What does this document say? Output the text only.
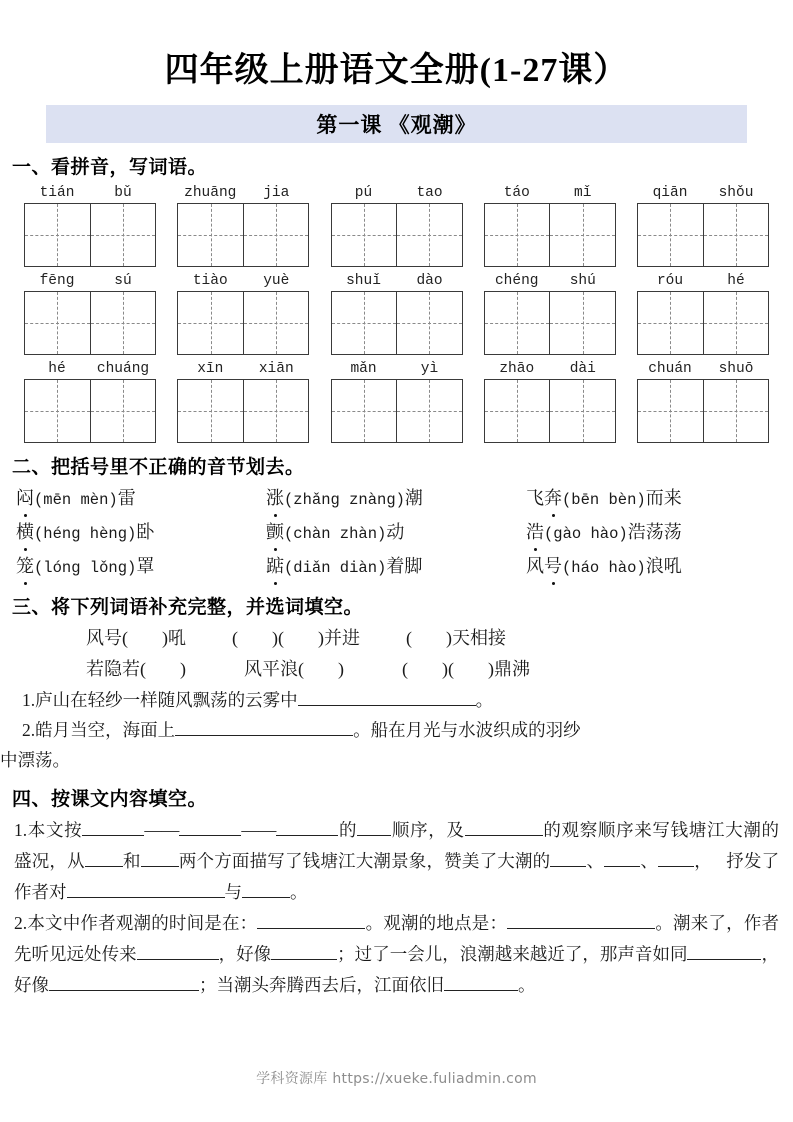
四年级上册语文全册(1-27课）
第一课 《观潮》
一、看拼音，写词语。
tián	bǔ	zhuāng	jia	pú	tao	táo	mǐ	qiān	shǒu
fēng	sú	tiào	yuè	shuǐ	dào	chéng	shú	róu	hé
hé	chuáng	xīn	xiān	mǎn	yì	zhāo	dài	chuán	shuō
二、把括号里不正确的音节划去。
闷(mēn mèn)雷	涨(zhǎng znàng)潮	飞奔(bēn bèn)而来
横(héng hèng)卧	颤(chàn zhàn)动	浩(gào hào)浩荡荡
笼(lóng lǒng)罩	踮(diǎn diàn)着脚	风号(háo hào)浪吼
三、将下列词语补充完整，并选词填空。
风号( )吼	( )( )并进	( )天相接
若隐若( )	风平浪( )	( )( )鼎沸
1.庐山在轻纱一样随风飘荡的云雾中	。
2.皓月当空，海面上	。船在月光与水波织成的羽纱
中漂荡。
四、按课文内容填空。
1.本文按	——	——	的 顺序，及	的观察顺序来写钱塘江大潮的盛况，从 和 两个方面描写了钱塘江大潮景象，赞美了大潮的 、 、 ， 抒发了作者对	与	。
2.本文中作者观潮的时间是在：	。观潮的地点是：	。潮来了，作者先听见远处传来	，好像	；过了一会儿，浪潮越来越近了，那声音如同	，好像	；当潮头奔腾西去后，江面依旧	。
学科资源库 https://xueke.fuliadmin.com
